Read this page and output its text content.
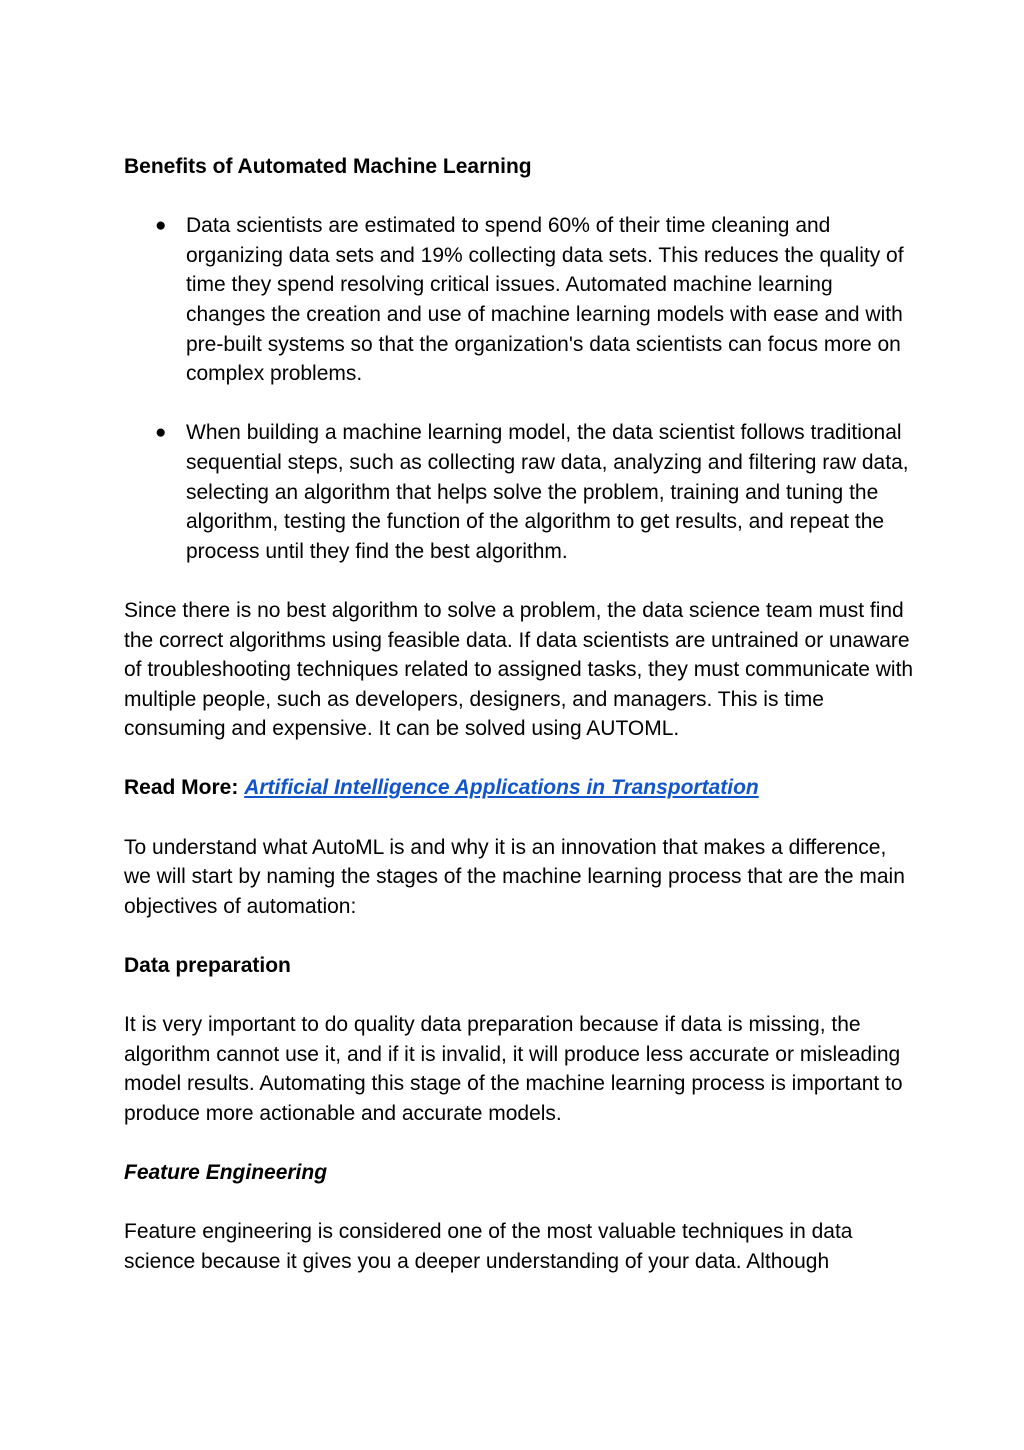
Benefits of Automated Machine Learning

● Data scientists are estimated to spend 60% of their time cleaning and organizing data sets and 19% collecting data sets. This reduces the quality of time they spend resolving critical issues. Automated machine learning changes the creation and use of machine learning models with ease and with pre-built systems so that the organization's data scientists can focus more on complex problems.
● When building a machine learning model, the data scientist follows traditional sequential steps, such as collecting raw data, analyzing and filtering raw data, selecting an algorithm that helps solve the problem, training and tuning the algorithm, testing the function of the algorithm to get results, and repeat the process until they find the best algorithm.

Since there is no best algorithm to solve a problem, the data science team must find the correct algorithms using feasible data. If data scientists are untrained or unaware of troubleshooting techniques related to assigned tasks, they must communicate with multiple people, such as developers, designers, and managers. This is time consuming and expensive. It can be solved using AUTOML.

Read More: Artificial Intelligence Applications in Transportation

To understand what AutoML is and why it is an innovation that makes a difference, we will start by naming the stages of the machine learning process that are the main objectives of automation:

Data preparation

It is very important to do quality data preparation because if data is missing, the algorithm cannot use it, and if it is invalid, it will produce less accurate or misleading model results. Automating this stage of the machine learning process is important to produce more actionable and accurate models.

Feature Engineering

Feature engineering is considered one of the most valuable techniques in data science because it gives you a deeper understanding of your data. Although
